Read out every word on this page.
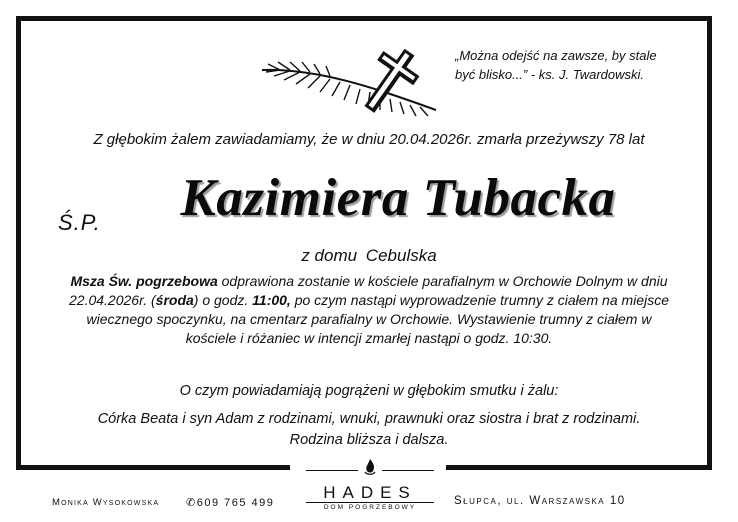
„Można odejść na zawsze, by stale
być blisko...” - ks. J. Twardowski.
Z głębokim żalem zawiadamiamy, że w dniu 20.04.2026r. zmarła przeżywszy 78 lat
Ś.P.	Kazimiera Tubacka
z domu Cebulska
Msza Św. pogrzebowa odprawiona zostanie w kościele parafialnym w Orchowie Dolnym w dniu 22.04.2026r. (środa) o godz. 11:00, po czym nastąpi wyprowadzenie trumny z ciałem na miejsce wiecznego spoczynku, na cmentarz parafialny w Orchowie. Wystawienie trumny z ciałem w kościele i różaniec w intencji zmarłej nastąpi o godz. 10:30.
O czym powiadamiają pogrążeni w głębokim smutku i żalu:
Córka Beata i syn Adam z rodzinami, wnuki, prawnuki oraz siostra i brat z rodzinami.
Rodzina bliższa i dalsza.
HADES
DOM POGRZEBOWY
Monika Wysokowska ✆609 765 499	Słupca, ul. Warszawska 10
